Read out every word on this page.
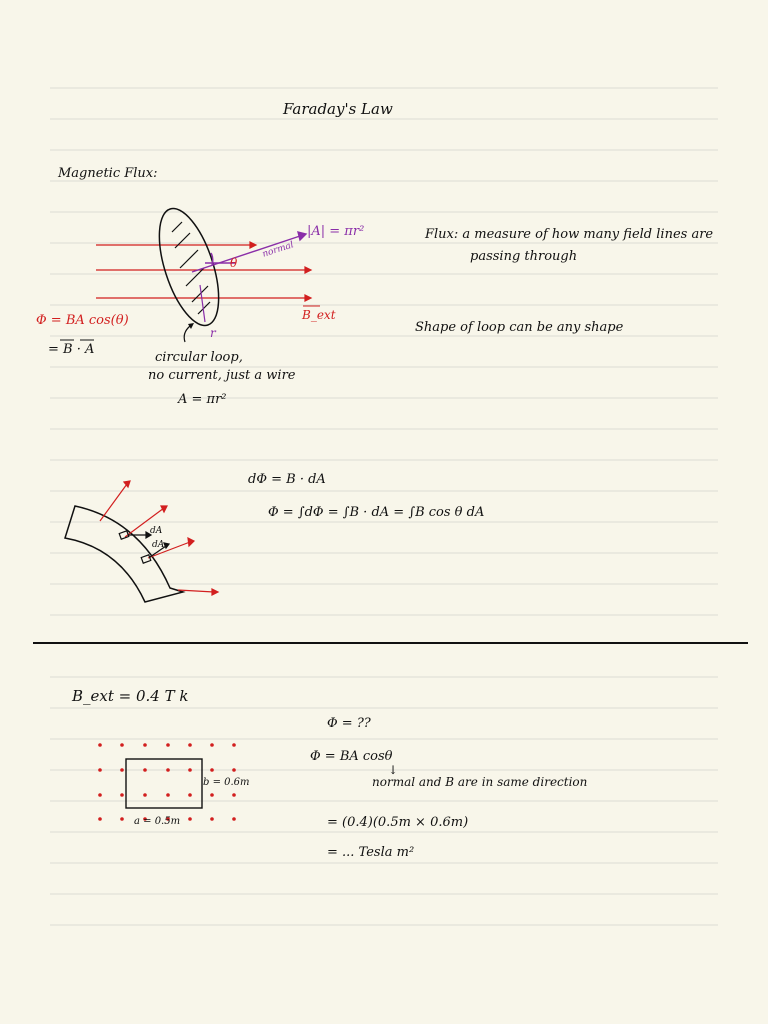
Faraday's Law
Magnetic Flux:
|A| = πr²
normal
θ
B_ext
r
Φ = BA cos(θ)
= B · A
circular loop,
no current, just a wire
A = πr²
Flux: a measure of how many field lines are
passing through
Shape of loop can be any shape
dA
dA
dΦ = B · dA
Φ = ∫dΦ = ∫B · dA = ∫B cos θ dA
B_ext = 0.4 T k
Φ = ??
Φ = BA cosθ
↓
normal and B are in same direction
= (0.4)(0.5m × 0.6m)
= ... Tesla m²
b = 0.6m
a = 0.5m
